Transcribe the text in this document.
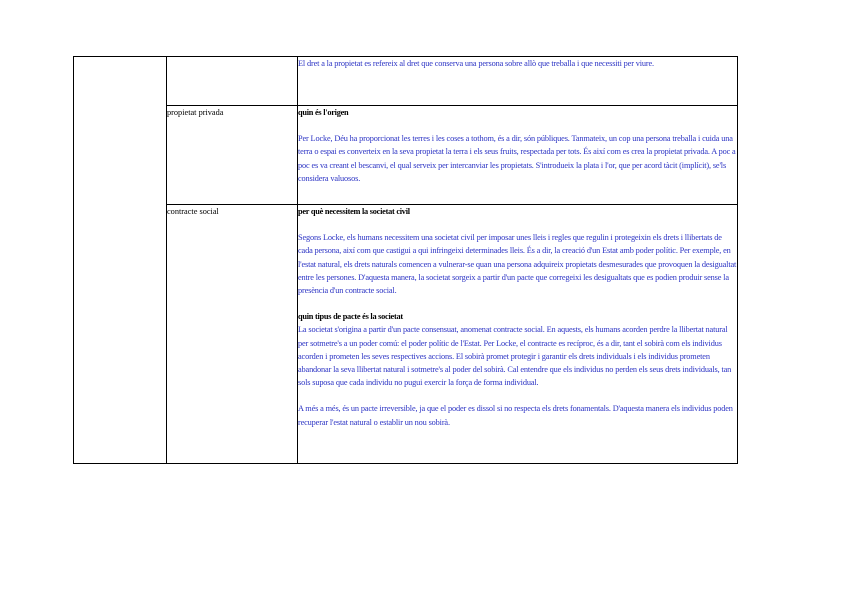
		El dret a la propietat es refereix al dret que conserva una persona sobre allò que treballa i que necessiti per viure.

	propietat privada	quin és l'origen
Per Locke, Déu ha proporcionat les terres i les coses a tothom, és a dir, són públiques. Tanmateix, un cop una persona treballa i cuida una terra o espai es converteix en la seva propietat la terra i els seus fruits, respectada per tots. És així com es crea la propietat privada. A poc a poc es va creant el bescanvi, el qual serveix per intercanviar les propietats. S'introdueix la plata i l'or, que per acord tàcit (implícit), se'ls considera valuosos.

	contracte social	per què necessitem la societat civil
Segons Locke, els humans necessitem una societat civil per imposar unes lleis i regles que regulin i protegeixin els drets i llibertats de cada persona, així com que castigui a qui infringeixi determinades lleis. És a dir, la creació d'un Estat amb poder polític. Per exemple, en l'estat natural, els drets naturals comencen a vulnerar-se quan una persona adquireix propietats desmesurades que provoquen la desigualtat entre les persones. D'aquesta manera, la societat sorgeix a partir d'un pacte que corregeixi les desigualtats que es podien produir sense la presència d'un contracte social.
quin tipus de pacte és la societat
La societat s'origina a partir d'un pacte consensuat, anomenat contracte social. En aquests, els humans acorden perdre la llibertat natural per sotmetre's a un poder comú: el poder polític de l'Estat. Per Locke, el contracte es recíproc, és a dir, tant el sobirà com els individus acorden i prometen les seves respectives accions. El sobirà promet protegir i garantir els drets individuals i els individus prometen abandonar la seva llibertat natural i sotmetre's al poder del sobirà. Cal entendre que els individus no perden els seus drets individuals, tan sols suposa que cada individu no pugui exercir la força de forma individual.
A més a més, és un pacte irreversible, ja que el poder es dissol si no respecta els drets fonamentals. D'aquesta manera els individus poden recuperar l'estat natural o establir un nou sobirà.
